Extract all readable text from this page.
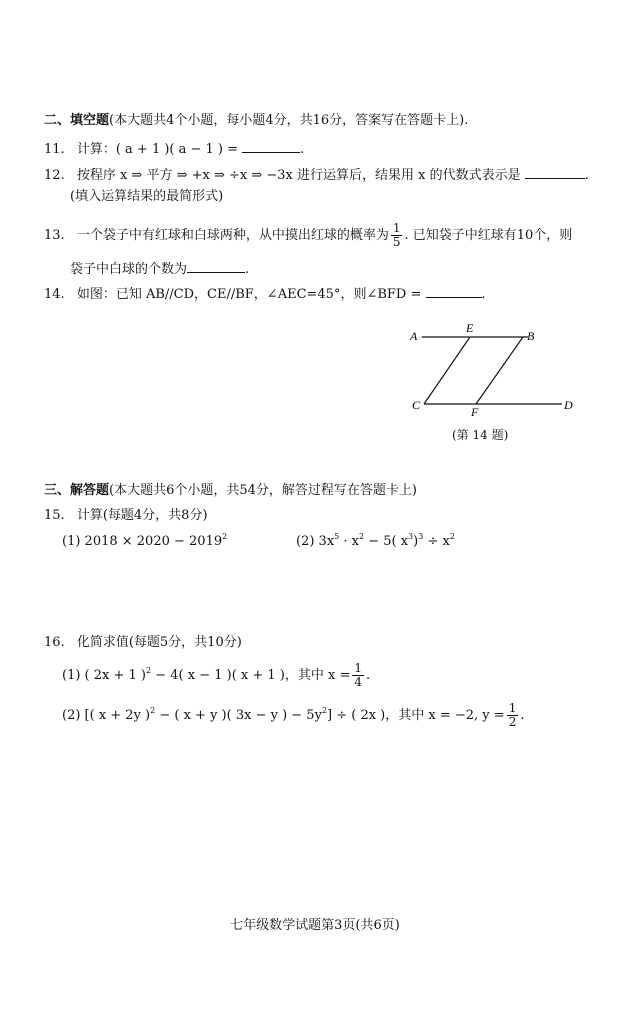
二、填空题(本大题共4个小题，每小题4分，共16分，答案写在答题卡上).
11. 计算：( a + 1 )( a − 1 ) =	.
12. 按程序 x ⇒ 平方 ⇒ +x ⇒ ÷x ⇒ −3x 进行运算后，结果用 x 的代数式表示是	.
(填入运算结果的最简形式)
13. 一个袋子中有红球和白球两种，从中摸出红球的概率为 $\frac{1}{5}$ . 已知袋子中红球有10个，则
袋子中白球的个数为	.
14. 如图：已知 AB//CD，CE//BF，∠AEC=45°，则∠BFD =	.
A
E
B
C	F	D
(第 14 题)
三、解答题(本大题共6个小题，共54分，解答过程写在答题卡上)
15. 计算(每题4分，共8分)
(1) $2018 \times 2020 - 2019^2$	(2) $3x^5 \cdot x^2 - 5$( $x^3)^3 \div x^2$
16. 化简求值(每题5分，共10分)
(1) ( 2x + 1 )$^2$ − 4( x − 1 )( x + 1 )，其中 $x = \frac{1}{4}$ .
(2) [( x + 2y )$^2$ − ( x + y )( 3x − y ) − $5y^2$] ÷ ( 2x )，其中 x = −2, $y = \frac{1}{2}$ .
七年级数学试题第3页(共6页)
